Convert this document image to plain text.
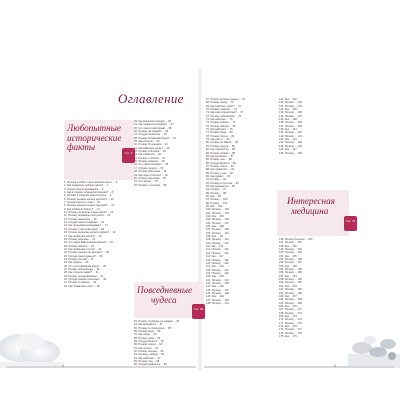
Оглавление
Любопытные
исторические
факты
стр. 6
Повседневные
чудеса
стр. 36
Интересная
медицина
стр. 72
1. Почему в 1900-х годах вводили мыло ... 6
2. Как появились зубные щётки? ... 7
3. Откуда пошло выражение ... 8
4. Как в старину определяли время? ... 8
5. Почему в Средние века боялись ... 9
6. Почему рыцари носили доспехи? ... 10
7. Откуда взялось слово ... 10
8. Почему раньше писали перьями? ... 11
9. Как изобрели бумагу? ... 12
10. Почему на флагах такие цвета? ... 13
11. Почему пирамиды построили ... 14
12. Почему Наполеон ... 15
13. Откуда пошла традиция ... 16
14. Как придумали календарь? ... 17
15. Почему у нас семь дней ... 18
16. Почему мужчины носили парики? ... 19
17. Как появилась вилка? ... 20
18. Почему римляне ... 21
19. Что такое Вавилонская башня? ... 22
20. Почему викинги ... 23
21. Как появилась почта? ... 24
22. Почему раньше не мылись? ... 25
23. Откуда пошли деньги? ... 26
24. Почему Колумб ... 27
25. Как пираты ... 28
26. Что ели в Древнем мире? ... 29
27. Почему императоры ... 30
28. Как строили замки? ... 31
29. Почему средневековые ... 32
30. Откуда пришёл шоколад? ... 33
31. Почему в старину ... 34
32. Как появились очки? ... 35
33. Как возникла легенда ... 36
34. Как появился телефон? ... 37
35. Что такое счастливый ... 38
36. Почему на свадьбе ... 39
37. Откуда появились ... 40
38. Почему Пизанская башня ... 41
39. Как строили ... 42
40. Почему Голландия ... 43
41. Как зажигали огонь? ... 44
42. Почему в Японии ... 45
43. Как изобрели ... 46
44. Почему в Англии ... 47
45. Почему зеркало ... 48
46. Что такое зоопарк? ... 49
47. Откуда пришли ... 50
48. Почему Наполеон ... 51
49. Как люди считали? ... 52
50. Почему королева ... 53
51. Что значит ... 54
52. Почему у поездов ... 55
53. Почему пуговицы на одежде ... 56
54. Как вращается ... 57
55. Почему в полнолуние ... 58
56. Почему вода ... 59
57. Как поезд ... 60
58. Почему небо ... 61
59. Откуда берётся ... 62
60. Почему кошки ... 63
61. Как летают ... 64
62. Почему молоко ... 65
63. Почему у зебры ... 66
64. Как работает ... 67
65. Почему лёд ... 68
66. Откуда появились ... 69
67. Почему волосы седеют ... 70
68. Почему поезд ... 71
69. Как работает лифт? ... 72
70. Почему самолёт ... 73
71. Как ездит велосипед? ... 74
72. Почему небоскрёбы ... 75
73. Как работает ... 76
74. Почему компас ... 77
75. Почему звёзды ... 78
76. Как работает ... 79
77. Почему Луна ... 80
78. Почему пчёлы ... 81
79. Как растут ... 82
80. Почему на Марсе ... 83
81. Почему радуга ... 84
82. Как образуется ... 85
83. Почему облака ... 86
84. Как возникает ... 87
85. Почему снег ... 88
86. Откуда берётся ... 89
87. Почему океан ... 90
88. Как появились ... 91
89. Почему у нас ... 92
90. Как думает ... 93
91. Почему ... 94
92. Почему в пустыне ... 95
93. Как рождаются ... 96
94. Почему ... 97
95. Почему ... 98
96. Как ... 99
97. Почему ... 100
98. Почему ... 101
99. Как ... 102
100. Почему ... 103
101. Почему ... 104
102. Как ... 105
103. Почему ... 106
104. Почему ... 107
105. Как ... 108
106. Почему ... 109
107. Почему ... 110
108. Как ... 111
109. Почему ... 112
110. Почему ... 113
111. Как ... 114
112. Почему ... 115
113. Почему ... 116
114. Как ... 117
115. Почему ... 118
116. Почему ... 119
117. Как ... 120
118. Почему ... 121
119. Почему ... 122
120. Как ... 123
121. Почему ... 124
122. Почему ... 125
123. Как ... 126
124. Почему ... 127
125. Почему ... 128
126. Как ... 129
127. Почему ... 130
128. Почему ... 131
129. Как ... 132
130. Почему ... 133
131. Почему ... 134
132. Как ... 135
133. Почему ... 136
134. Почему ... 137
135. Как ... 138
136. Почему ... 139
137. Почему ... 140
138. Как ... 141
139. Почему ... 142
140. Почему ... 143
141. Как ... 144
142. Почему ... 145
143. Почему ... 146
144. Как ... 147
145. Почему ... 148
146. Почему болезни ... 150
147. Почему ... 151
148. Как ... 152
149. Почему ... 153
150. Почему ... 154
151. Как ... 155
152. Почему ... 156
153. Почему ... 157
154. Как ... 158
155. Почему ... 159
156. Почему ... 160
157. Как ... 161
158. Почему ... 162
159. Почему ... 163
160. Как ... 164
161. Почему ... 165
162. Почему ... 166
163. Как ... 167
164. Почему ... 168
165. Почему ... 169
166. Как ... 170
167. Почему ... 171
168. Почему ... 172
169. Как ... 173
170. Почему ... 174
171. Почему ... 175
172. Как ... 176
173. Почему ... 177
174. Почему ... 178
175. Как ... 179
4	5
